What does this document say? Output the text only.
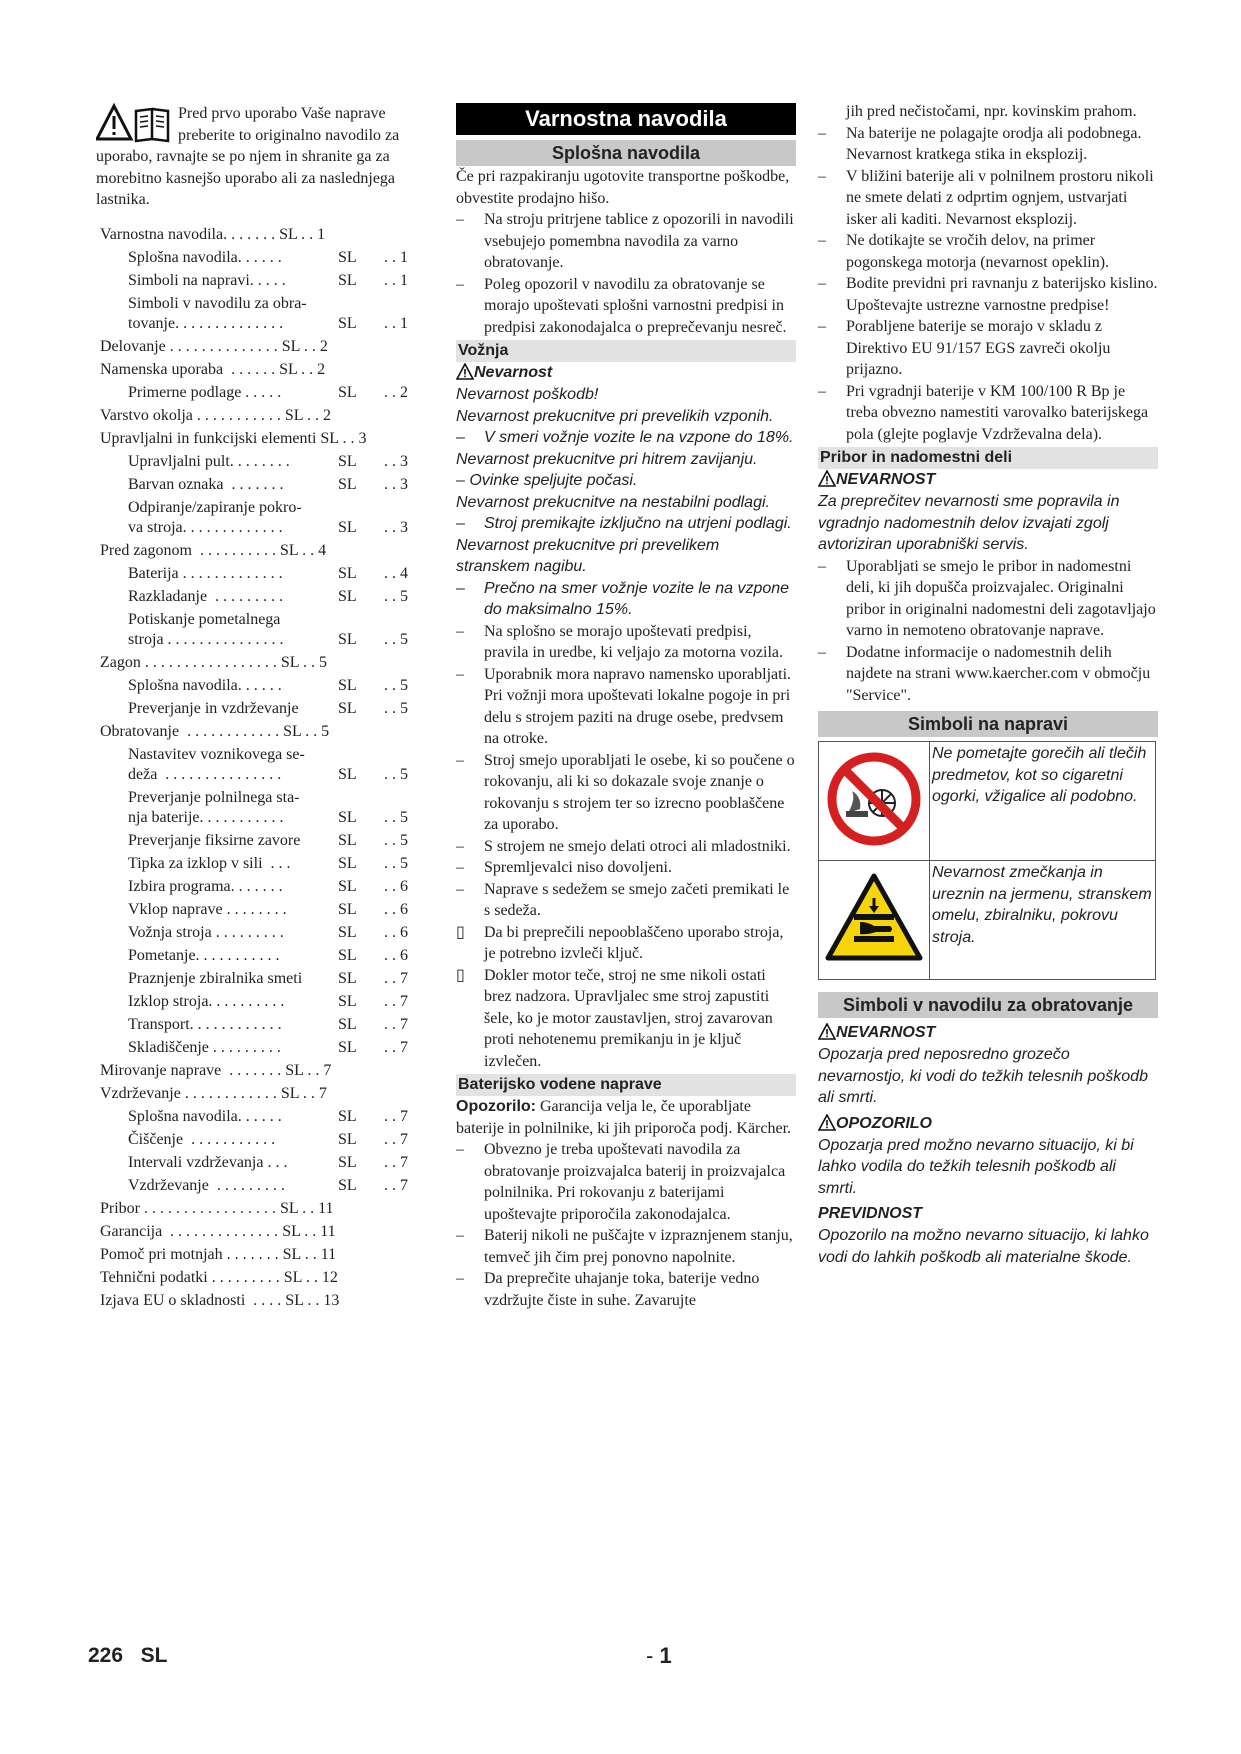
Pred prvo uporabo Vaše naprave preberite to originalno navodilo za uporabo, ravnajte se po njem in shranite ga za morebitno kasnejšo uporabo ali za naslednjega lastnika.
Varnostna navodila. . . . . . . SL . . 1
Splošna navodila. . . . . .	SL	. . 1
Simboli na napravi. . . . .	SL	. . 1
Simboli v navodilu za obra-
tovanje. . . . . . . . . . . . . .	SL	. . 1
Delovanje . . . . . . . . . . . . . . SL . . 2
Namenska uporaba  . . . . . . SL . . 2
Primerne podlage . . . . .	SL	. . 2
Varstvo okolja . . . . . . . . . . . SL . . 2
Upravljalni in funkcijski elementi SL . . 3
Upravljalni pult. . . . . . . .	SL	. . 3
Barvan oznaka  . . . . . . .	SL	. . 3
Odpiranje/zapiranje pokro-
va stroja. . . . . . . . . . . . .	SL	. . 3
Pred zagonom  . . . . . . . . . . SL . . 4
Baterija . . . . . . . . . . . . .	SL	. . 4
Razkladanje  . . . . . . . . .	SL	. . 5
Potiskanje pometalnega
stroja . . . . . . . . . . . . . . .	SL	. . 5
Zagon . . . . . . . . . . . . . . . . . SL . . 5
Splošna navodila. . . . . .	SL	. . 5
Preverjanje in vzdrževanje	SL	. . 5
Obratovanje  . . . . . . . . . . . . SL . . 5
Nastavitev voznikovega se-
deža  . . . . . . . . . . . . . . .	SL	. . 5
Preverjanje polnilnega sta-
nja baterije. . . . . . . . . . .	SL	. . 5
Preverjanje fiksirne zavore	SL	. . 5
Tipka za izklop v sili  . . .	SL	. . 5
Izbira programa. . . . . . .	SL	. . 6
Vklop naprave . . . . . . . .	SL	. . 6
Vožnja stroja . . . . . . . . .	SL	. . 6
Pometanje. . . . . . . . . . .	SL	. . 6
Praznjenje zbiralnika smeti	SL	. . 7
Izklop stroja. . . . . . . . . .	SL	. . 7
Transport. . . . . . . . . . . .	SL	. . 7
Skladiščenje . . . . . . . . .	SL	. . 7
Mirovanje naprave  . . . . . . . SL . . 7
Vzdrževanje . . . . . . . . . . . . SL . . 7
Splošna navodila. . . . . .	SL	. . 7
Čiščenje  . . . . . . . . . . .	SL	. . 7
Intervali vzdrževanja . . .	SL	. . 7
Vzdrževanje  . . . . . . . . .	SL	. . 7
Pribor . . . . . . . . . . . . . . . . . SL . . 11
Garancija  . . . . . . . . . . . . . . SL . . 11
Pomoč pri motnjah . . . . . . . SL . . 11
Tehnični podatki . . . . . . . . . SL . . 12
Izjava EU o skladnosti  . . . . SL . . 13
Varnostna navodila
Splošna navodila
Če pri razpakiranju ugotovite transportne poškodbe, obvestite prodajno hišo.
– Na stroju pritrjene tablice z opozorili in navodili vsebujejo pomembna navodila za varno obratovanje.
– Poleg opozoril v navodilu za obratovanje se morajo upoštevati splošni varnostni predpisi in predpisi zakonodajalca o preprečevanju nesreč.
Vožnja
Nevarnost
Nevarnost poškodb!
Nevarnost prekucnitve pri prevelikih vzponih.
– V smeri vožnje vozite le na vzpone do 18%.
Nevarnost prekucnitve pri hitrem zavijanju.
– Ovinke speljujte počasi.
Nevarnost prekucnitve na nestabilni podlagi.
– Stroj premikajte izključno na utrjeni podlagi.
Nevarnost prekucnitve pri prevelikem stranskem nagibu.
– Prečno na smer vožnje vozite le na vzpone do maksimalno 15%.
– Na splošno se morajo upoštevati predpisi, pravila in uredbe, ki veljajo za motorna vozila.
– Uporabnik mora napravo namensko uporabljati. Pri vožnji mora upoštevati lokalne pogoje in pri delu s strojem paziti na druge osebe, predvsem na otroke.
– Stroj smejo uporabljati le osebe, ki so poučene o rokovanju, ali ki so dokazale svoje znanje o rokovanju s strojem ter so izrecno pooblaščene za uporabo.
– S strojem ne smejo delati otroci ali mladostniki.
– Spremljevalci niso dovoljeni.
– Naprave s sedežem se smejo začeti premikati le s sedeža.
▯ Da bi preprečili nepooblaščeno uporabo stroja, je potrebno izvleči ključ.
▯ Dokler motor teče, stroj ne sme nikoli ostati brez nadzora. Upravljalec sme stroj zapustiti šele, ko je motor zaustavljen, stroj zavarovan proti nehotenemu premikanju in je ključ izvlečen.
Baterijsko vodene naprave
Opozorilo: Garancija velja le, če uporabljate baterije in polnilnike, ki jih priporoča podj. Kärcher.
– Obvezno je treba upoštevati navodila za obratovanje proizvajalca baterij in proizvajalca polnilnika. Pri rokovanju z baterijami upoštevajte priporočila zakonodajalca.
– Baterij nikoli ne puščajte v izpraznjenem stanju, temveč jih čim prej ponovno napolnite.
– Da preprečite uhajanje toka, baterije vedno vzdržujte čiste in suhe. Zavarujte
jih pred nečistočami, npr. kovinskim prahom.
– Na baterije ne polagajte orodja ali podobnega. Nevarnost kratkega stika in eksplozij.
– V bližini baterije ali v polnilnem prostoru nikoli ne smete delati z odprtim ognjem, ustvarjati isker ali kaditi. Nevarnost eksplozij.
– Ne dotikajte se vročih delov, na primer pogonskega motorja (nevarnost opeklin).
– Bodite previdni pri ravnanju z baterijsko kislino. Upoštevajte ustrezne varnostne predpise!
– Porabljene baterije se morajo v skladu z Direktivo EU 91/157 EGS zavreči okolju prijazno.
– Pri vgradnji baterije v KM 100/100 R Bp je treba obvezno namestiti varovalko baterijskega pola (glejte poglavje Vzdrževalna dela).
Pribor in nadomestni deli
NEVARNOST
Za preprečitev nevarnosti sme popravila in vgradnjo nadomestnih delov izvajati zgolj avtoriziran uporabniški servis.
– Uporabljati se smejo le pribor in nadomestni deli, ki jih dopušča proizvajalec. Originalni pribor in originalni nadomestni deli zagotavljajo varno in nemoteno obratovanje naprave.
– Dodatne informacije o nadomestnih delih najdete na strani www.kaercher.com v območju "Service".
Simboli na napravi
	Ne pometajte gorečih ali tlečih predmetov, kot so cigaretni ogorki, vžigalice ali podobno.
	Nevarnost zmečkanja in ureznin na jermenu, stranskem omelu, zbiralniku, pokrovu stroja.
Simboli v navodilu za obratovanje
NEVARNOST
Opozarja pred neposredno grozečo nevarnostjo, ki vodi do težkih telesnih poškodb ali smrti.
OPOZORILO
Opozarja pred možno nevarno situacijo, ki bi lahko vodila do težkih telesnih poškodb ali smrti.
PREVIDNOST
Opozorilo na možno nevarno situacijo, ki lahko vodi do lahkih poškodb ali materialne škode.
226 SL	- 1
